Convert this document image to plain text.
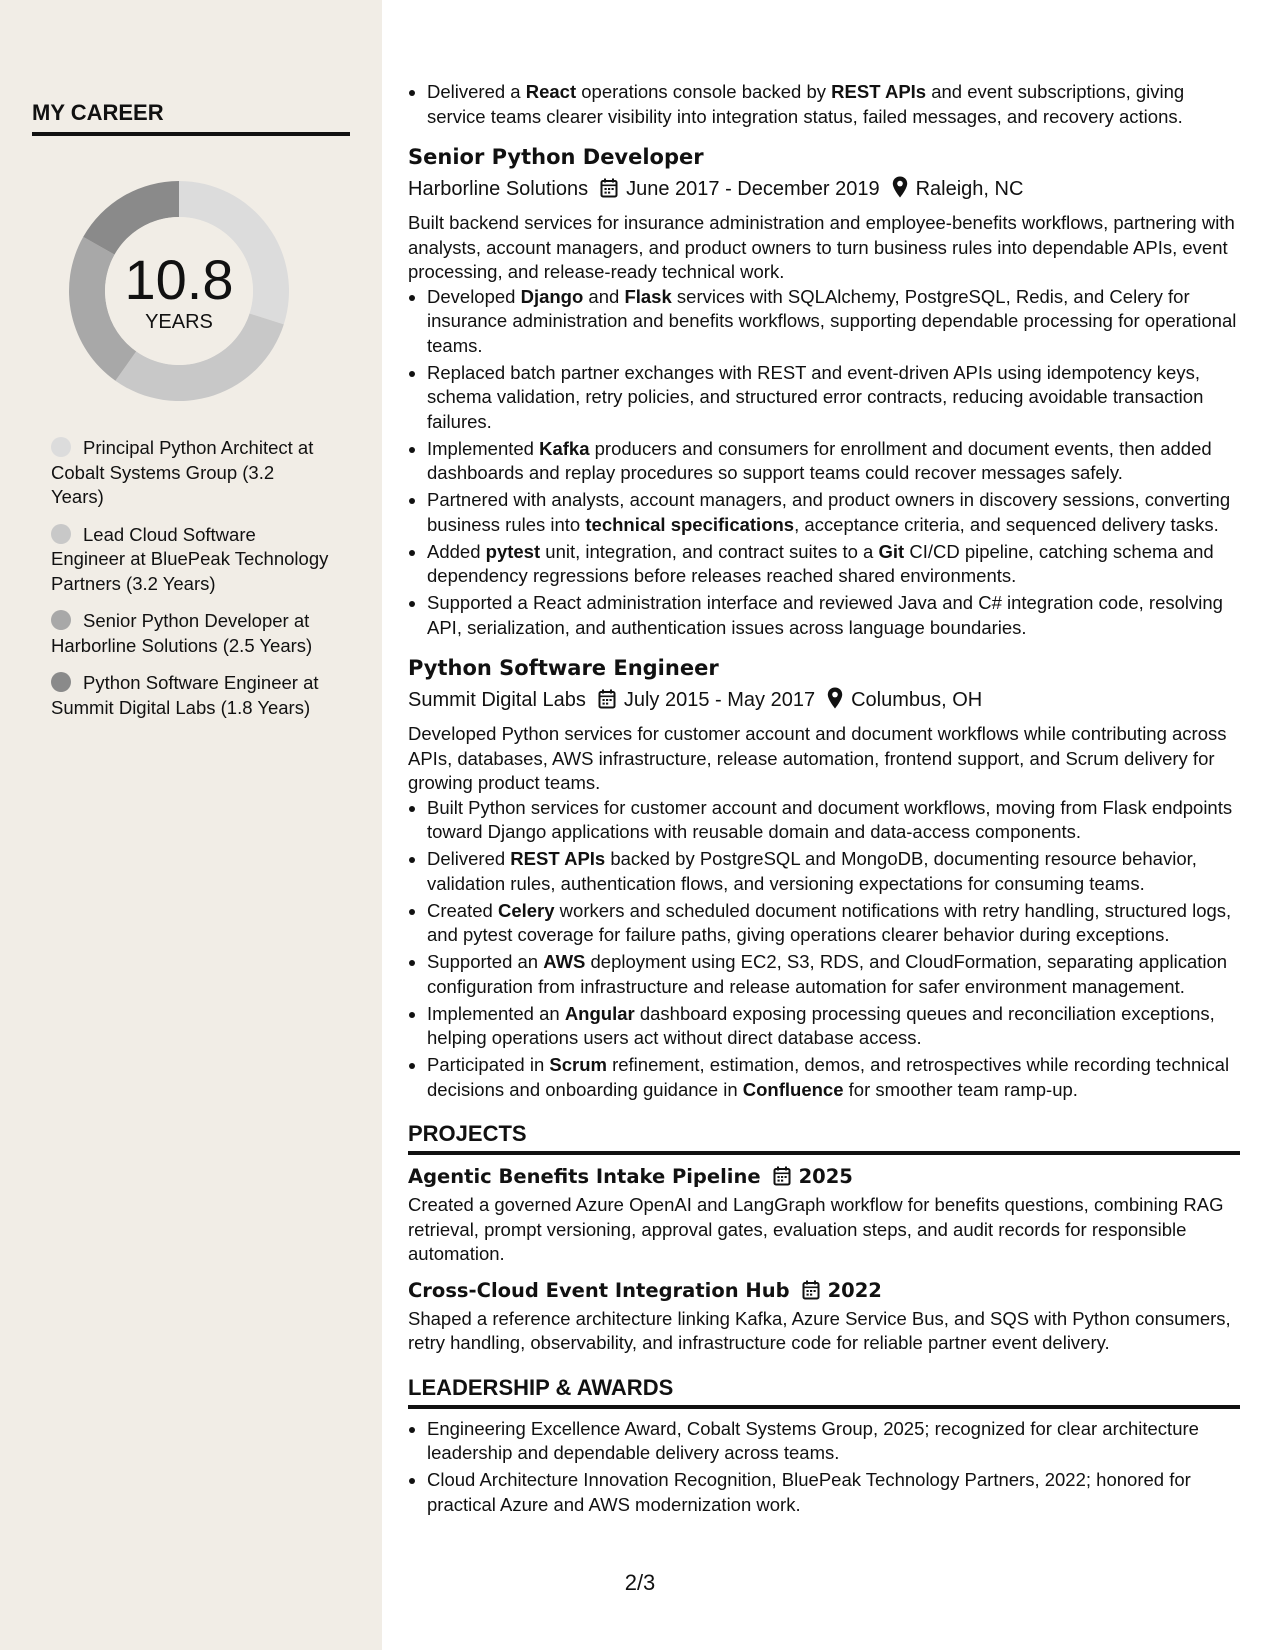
MY CAREER
10.8
YEARS
Principal Python Architect at Cobalt Systems Group (3.2 Years)
Lead Cloud Software Engineer at BluePeak Technology Partners (3.2 Years)
Senior Python Developer at Harborline Solutions (2.5 Years)
Python Software Engineer at Summit Digital Labs (1.8 Years)
• Delivered a React operations console backed by REST APIs and event subscriptions, giving service teams clearer visibility into integration status, failed messages, and recovery actions.
Senior Python Developer
Harborline Solutions June 2017 - December 2019 Raleigh, NC

Built backend services for insurance administration and employee-benefits workflows, partnering with analysts, account managers, and product owners to turn business rules into dependable APIs, event processing, and release-ready technical work.

• Developed Django and Flask services with SQLAlchemy, PostgreSQL, Redis, and Celery for insurance administration and benefits workflows, supporting dependable processing for operational teams.
• Replaced batch partner exchanges with REST and event-driven APIs using idempotency keys, schema validation, retry policies, and structured error contracts, reducing avoidable transaction failures.
• Implemented Kafka producers and consumers for enrollment and document events, then added dashboards and replay procedures so support teams could recover messages safely.
• Partnered with analysts, account managers, and product owners in discovery sessions, converting business rules into technical specifications, acceptance criteria, and sequenced delivery tasks.
• Added pytest unit, integration, and contract suites to a Git CI/CD pipeline, catching schema and dependency regressions before releases reached shared environments.
• Supported a React administration interface and reviewed Java and C# integration code, resolving API, serialization, and authentication issues across language boundaries.
Python Software Engineer
Summit Digital Labs July 2015 - May 2017 Columbus, OH

Developed Python services for customer account and document workflows while contributing across APIs, databases, AWS infrastructure, release automation, frontend support, and Scrum delivery for growing product teams.

• Built Python services for customer account and document workflows, moving from Flask endpoints toward Django applications with reusable domain and data-access components.
• Delivered REST APIs backed by PostgreSQL and MongoDB, documenting resource behavior, validation rules, authentication flows, and versioning expectations for consuming teams.
• Created Celery workers and scheduled document notifications with retry handling, structured logs, and pytest coverage for failure paths, giving operations clearer behavior during exceptions.
• Supported an AWS deployment using EC2, S3, RDS, and CloudFormation, separating application configuration from infrastructure and release automation for safer environment management.
• Implemented an Angular dashboard exposing processing queues and reconciliation exceptions, helping operations users act without direct database access.
• Participated in Scrum refinement, estimation, demos, and retrospectives while recording technical decisions and onboarding guidance in Confluence for smoother team ramp-up.
PROJECTS
Agentic Benefits Intake Pipeline 2025

Created a governed Azure OpenAI and LangGraph workflow for benefits questions, combining RAG retrieval, prompt versioning, approval gates, evaluation steps, and audit records for responsible automation.

Cross-Cloud Event Integration Hub 2022

Shaped a reference architecture linking Kafka, Azure Service Bus, and SQS with Python consumers, retry handling, observability, and infrastructure code for reliable partner event delivery.

LEADERSHIP & AWARDS
• Engineering Excellence Award, Cobalt Systems Group, 2025; recognized for clear architecture leadership and dependable delivery across teams.
• Cloud Architecture Innovation Recognition, BluePeak Technology Partners, 2022; honored for practical Azure and AWS modernization work.
2/3
